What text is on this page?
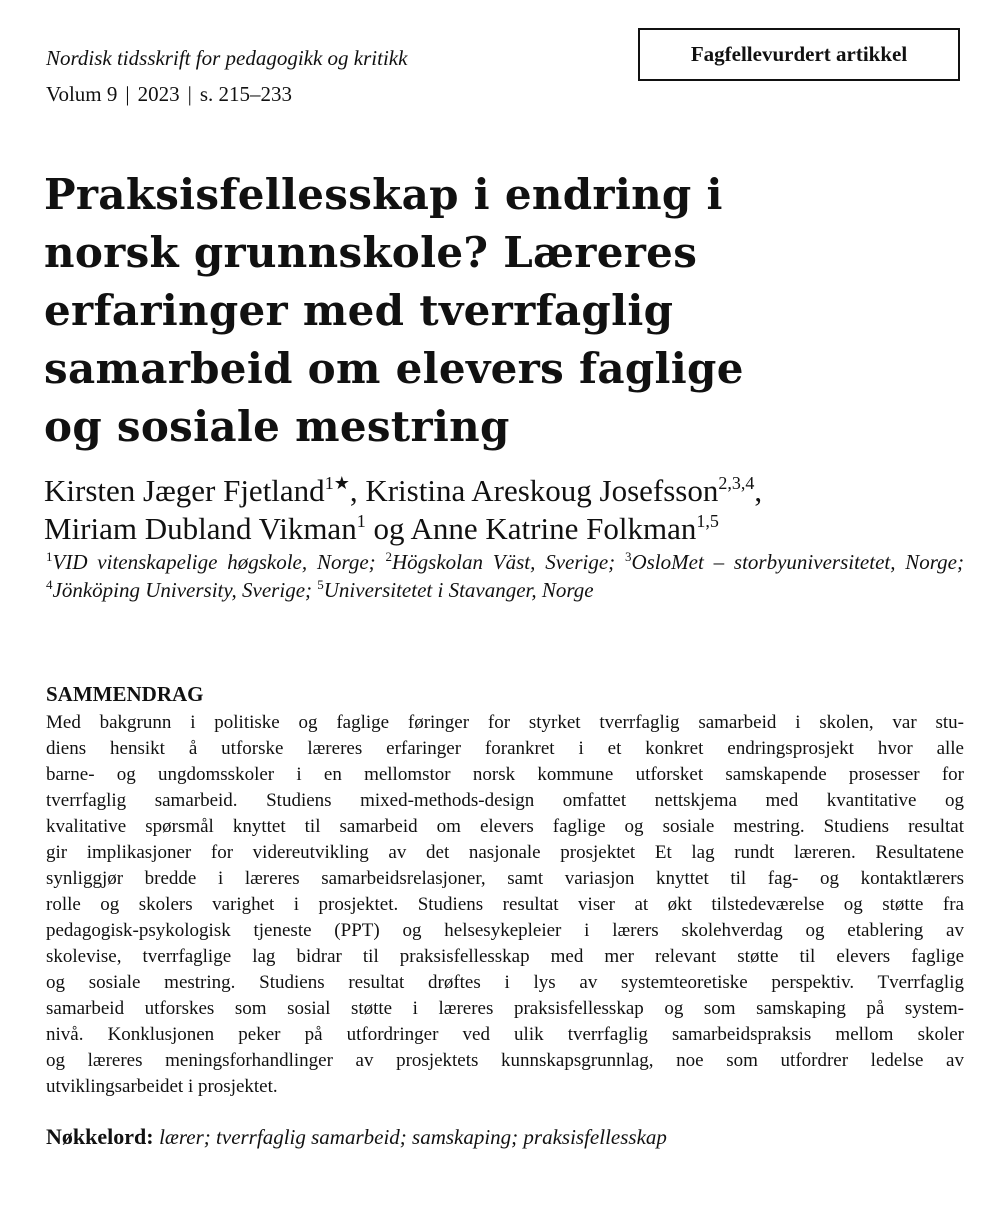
Nordisk tidsskrift for pedagogikk og kritikk
Volum 9 | 2023 | s. 215–233
Fagfellevurdert artikkel
Praksisfellesskap i endring i
norsk grunnskole? Læreres
erfaringer med tverrfaglig
samarbeid om elevers faglige
og sosiale mestring
Kirsten Jæger Fjetland$^{1★}$, Kristina Areskoug Josefsson$^{2,3,4}$,
Miriam Dubland Vikman$^1$ og Anne Katrine Folkman$^{1,5}$
$^1$VID vitenskapelige høgskole, Norge; $^2$Högskolan Väst, Sverige; $^3$OsloMet – storbyuniversitetet, Norge; $^4$Jönköping University, Sverige; $^5$Universitetet i Stavanger, Norge
SAMMENDRAG
Med bakgrunn i politiske og faglige føringer for styrket tverrfaglig samarbeid i skolen, var stu-
diens hensikt å utforske læreres erfaringer forankret i et konkret endringsprosjekt hvor alle
barne- og ungdomsskoler i en mellomstor norsk kommune utforsket samskapende prosesser for
tverrfaglig samarbeid. Studiens mixed-methods-design omfattet nettskjema med kvantitative og
kvalitative spørsmål knyttet til samarbeid om elevers faglige og sosiale mestring. Studiens resultat
gir implikasjoner for videreutvikling av det nasjonale prosjektet Et lag rundt læreren. Resultatene
synliggjør bredde i læreres samarbeidsrelasjoner, samt variasjon knyttet til fag- og kontaktlærers
rolle og skolers varighet i prosjektet. Studiens resultat viser at økt tilstedeværelse og støtte fra
pedagogisk-psykologisk tjeneste (PPT) og helsesykepleier i lærers skolehverdag og etablering av
skolevise, tverrfaglige lag bidrar til praksisfellesskap med mer relevant støtte til elevers faglige
og sosiale mestring. Studiens resultat drøftes i lys av systemteoretiske perspektiv. Tverrfaglig
samarbeid utforskes som sosial støtte i læreres praksisfellesskap og som samskaping på system-
nivå. Konklusjonen peker på utfordringer ved ulik tverrfaglig samarbeidspraksis mellom skoler
og læreres meningsforhandlinger av prosjektets kunnskapsgrunnlag, noe som utfordrer ledelse av
utviklingsarbeidet i prosjektet.
Nøkkelord: lærer; tverrfaglig samarbeid; samskaping; praksisfellesskap
